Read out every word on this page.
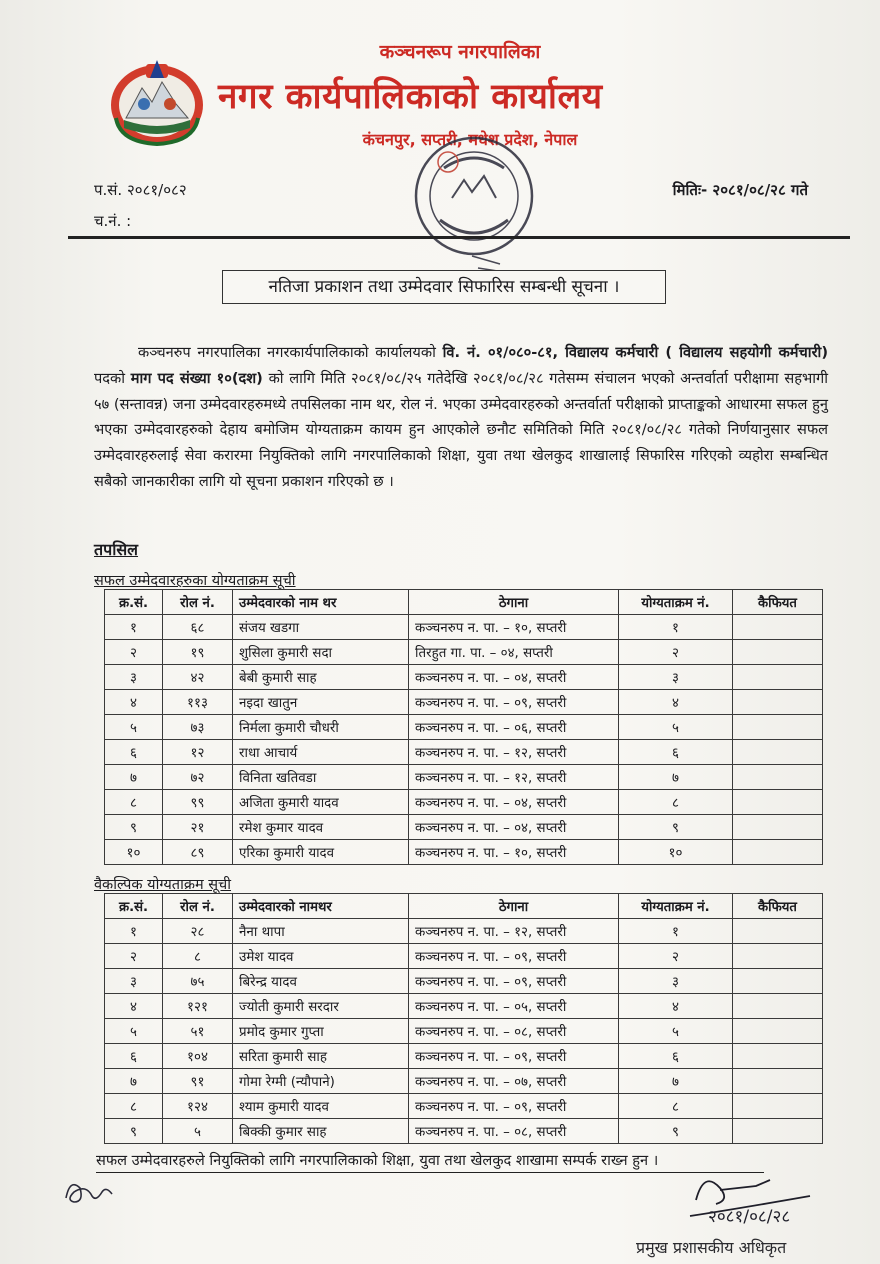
कञ्चनरूप नगरपालिका
नगर कार्यपालिकाको कार्यालय
कंचनपुर, सप्तरी, मधेश प्रदेश, नेपाल
प.सं. २०८१/०८२
च.नं. :
मितिः- २०८१/०८/२८ गते
नतिजा प्रकाशन तथा उम्मेदवार सिफारिस सम्बन्धी सूचना ।
कञ्चनरुप नगरपालिका नगरकार्यपालिकाको कार्यालयको वि. नं. ०१/०८०-८१, विद्यालय कर्मचारी ( विद्यालय सहयोगी कर्मचारी) पदको माग पद संख्या १०(दश) को लागि मिति २०८१/०८/२५ गतेदेखि २०८१/०८/२८ गतेसम्म संचालन भएको अन्तर्वार्ता परीक्षामा सहभागी ५७ (सन्तावन्न) जना उम्मेदवारहरुमध्ये तपसिलका नाम थर, रोल नं. भएका उम्मेदवारहरुको अन्तर्वार्ता परीक्षाको प्राप्ताङ्कको आधारमा सफल हुनु भएका उम्मेदवारहरुको देहाय बमोजिम योग्यताक्रम कायम हुन आएकोले छनौट समितिको मिति २०८१/०८/२८ गतेको निर्णयानुसार सफल उम्मेदवारहरुलाई सेवा करारमा नियुक्तिको लागि नगरपालिकाको शिक्षा, युवा तथा खेलकुद शाखालाई सिफारिस गरिएको व्यहोरा सम्बन्धित सबैको जानकारीका लागि यो सूचना प्रकाशन गरिएको छ ।
तपसिल
सफल उम्मेदवारहरुका योग्यताक्रम सूची
क्र.सं.	रोल नं.	उम्मेदवारको नाम थर	ठेगाना	योग्यताक्रम नं.	कैफियत
१	६८	संजय खडगा	कञ्चनरुप न. पा. – १०, सप्तरी	१	
२	१९	शुसिला कुमारी सदा	तिरहुत गा. पा. – ०४, सप्तरी	२	
३	४२	बेबी कुमारी साह	कञ्चनरुप न. पा. – ०४, सप्तरी	३	
४	११३	नइदा खातुन	कञ्चनरुप न. पा. – ०९, सप्तरी	४	
५	७३	निर्मला कुमारी चौधरी	कञ्चनरुप न. पा. – ०६, सप्तरी	५	
६	१२	राधा आचार्य	कञ्चनरुप न. पा. – १२, सप्तरी	६	
७	७२	विनिता खतिवडा	कञ्चनरुप न. पा. – १२, सप्तरी	७	
८	९९	अजिता कुमारी यादव	कञ्चनरुप न. पा. – ०४, सप्तरी	८	
९	२१	रमेश कुमार यादव	कञ्चनरुप न. पा. – ०४, सप्तरी	९	
१०	८९	एरिका कुमारी यादव	कञ्चनरुप न. पा. – १०, सप्तरी	१०	
वैकल्पिक योग्यताक्रम सूची
क्र.सं.	रोल नं.	उम्मेदवारको नामथर	ठेगाना	योग्यताक्रम नं.	कैफियत
१	२८	नैना थापा	कञ्चनरुप न. पा. – १२, सप्तरी	१	
२	८	उमेश यादव	कञ्चनरुप न. पा. – ०९, सप्तरी	२	
३	७५	बिरेन्द्र यादव	कञ्चनरुप न. पा. – ०९, सप्तरी	३	
४	१२१	ज्योती कुमारी सरदार	कञ्चनरुप न. पा. – ०५, सप्तरी	४	
५	५१	प्रमोद कुमार गुप्ता	कञ्चनरुप न. पा. – ०८, सप्तरी	५	
६	१०४	सरिता कुमारी साह	कञ्चनरुप न. पा. – ०९, सप्तरी	६	
७	९१	गोमा रेग्मी (न्यौपाने)	कञ्चनरुप न. पा. – ०७, सप्तरी	७	
८	१२४	श्याम कुमारी यादव	कञ्चनरुप न. पा. – ०९, सप्तरी	८	
९	५	बिक्की कुमार साह	कञ्चनरुप न. पा. – ०८, सप्तरी	९	
सफल उम्मेदवारहरुले नियुक्तिको लागि नगरपालिकाको शिक्षा, युवा तथा खेलकुद शाखामा सम्पर्क राख्न हुन ।
२०८१/०८/२८
प्रमुख प्रशासकीय अधिकृत
